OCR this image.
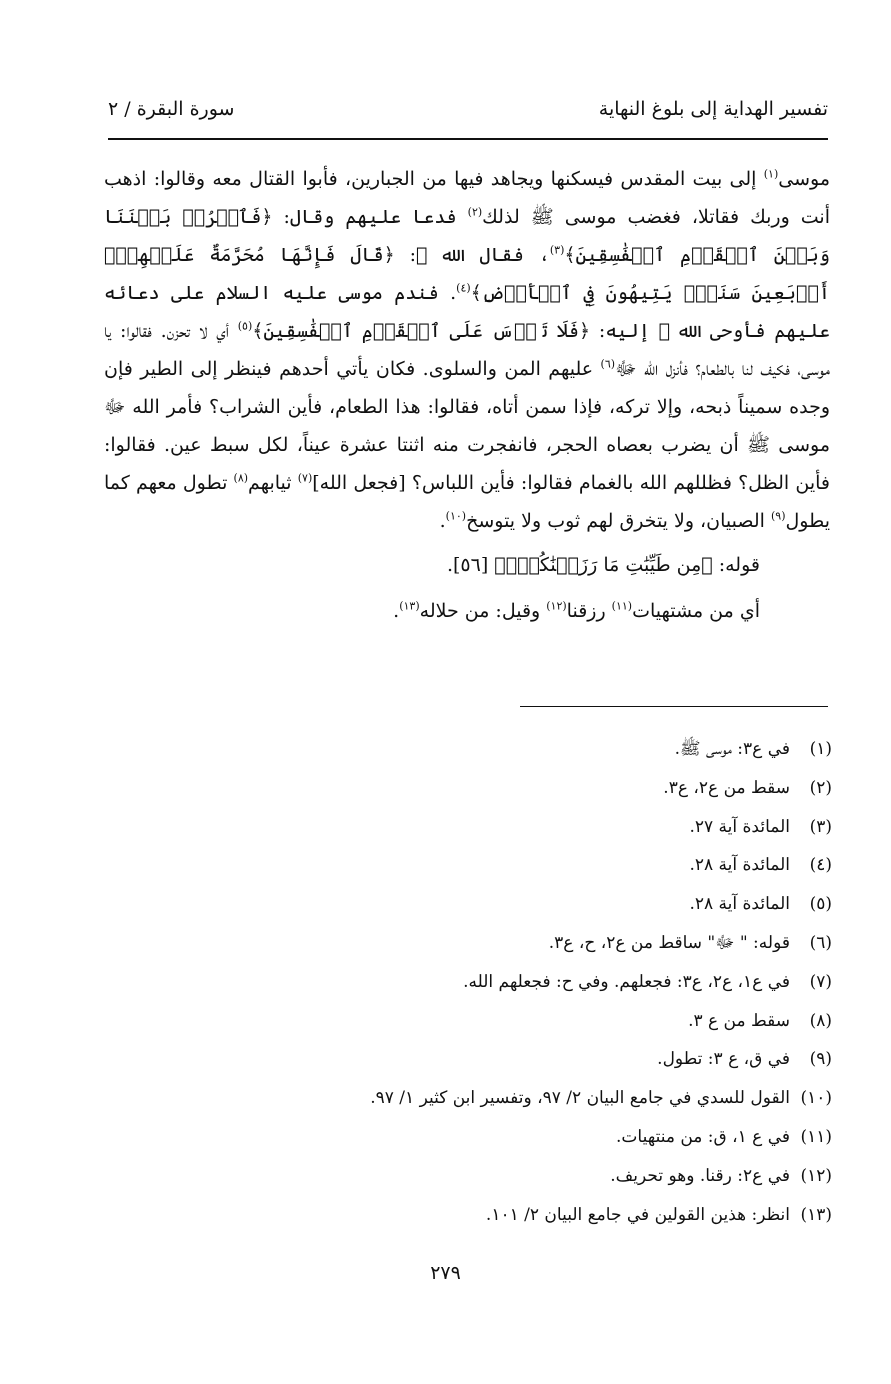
تفسير الهداية إلى بلوغ النهاية
سورة البقرة / ٢

موسى$^{(١)}$ إلى بيت المقدس فيسكنها ويجاهد فيها من الجبارين، فأبوا القتال معه وقالوا: اذهب أنت وربك فقاتلا، فغضب موسى ﷺ لذلك$^{(٢)}$ فدعا عليهم وقال: ﴿فَٱفۡرُقۡ بَيۡنَنَا وَبَيۡنَ ٱلۡقَوۡمِ ٱلۡفَٰسِقِينَ﴾$^{(٣)}$، فقال الله ﷻ: ﴿قَالَ فَإِنَّهَا مُحَرَّمَةٌ عَلَيۡهِمۡۛ أَرۡبَعِينَ سَنَةٗۛ يَتِيهُونَ فِي ٱلۡأَرۡضِ﴾$^{(٤)}$. فندم موسى عليه السلام على دعائه عليهم فأوحى الله ﷻ إليه: ﴿فَلَا تَأۡسَ عَلَى ٱلۡقَوۡمِ ٱلۡفَٰسِقِينَ﴾$^{(٥)}$ أي لا تحزن. فقالوا: يا موسى، فكيف لنا بالطعام؟ فأنزل الله ﷻ$^{(٦)}$ عليهم المن والسلوى. فكان يأتي أحدهم فينظر إلى الطير فإن وجده سميناً ذبحه، وإلا تركه، فإذا سمن أتاه، فقالوا: هذا الطعام، فأين الشراب؟ فأمر الله ﷻ موسى ﷺ أن يضرب بعصاه الحجر، فانفجرت منه اثنتا عشرة عيناً، لكل سبط عين. فقالوا: فأين الظل؟ فظللهم الله بالغمام فقالوا: فأين اللباس؟ [فجعل الله]$^{(٧)}$ ثيابهم$^{(٨)}$ تطول معهم كما يطول$^{(٩)}$ الصبيان، ولا يتخرق لهم ثوب ولا يتوسخ$^{(١٠)}$.

قوله: ﴿مِن طَيِّبَٰتِ مَا رَزَقۡنَٰكُمۡۚ﴾ [٥٦].

أي من مشتهيات$^{(١١)}$ رزقنا$^{(١٢)}$ وقيل: من حلاله$^{(١٣)}$.

(١)
في ع٣: موسى ﷺ.
(٢)
سقط من ع٢، ع٣.
(٣)
المائدة آية ٢٧.
(٤)
المائدة آية ٢٨.
(٥)
المائدة آية ٢٨.
(٦)
قوله: " ﷻ" ساقط من ع٢، ح، ع٣.
(٧)
في ع١، ع٢، ع٣: فجعلهم. وفي ح: فجعلهم الله.
(٨)
سقط من ع ٣.
(٩)
في ق، ع ٣: تطول.
(١٠)
القول للسدي في جامع البيان ٢/ ٩٧، وتفسير ابن كثير ١/ ٩٧.
(١١)
في ع ١، ق: من منتهيات.
(١٢)
في ع٢: رقنا. وهو تحريف.
(١٣)
انظر: هذين القولين في جامع البيان ٢/ ١٠١.
٢٧٩
